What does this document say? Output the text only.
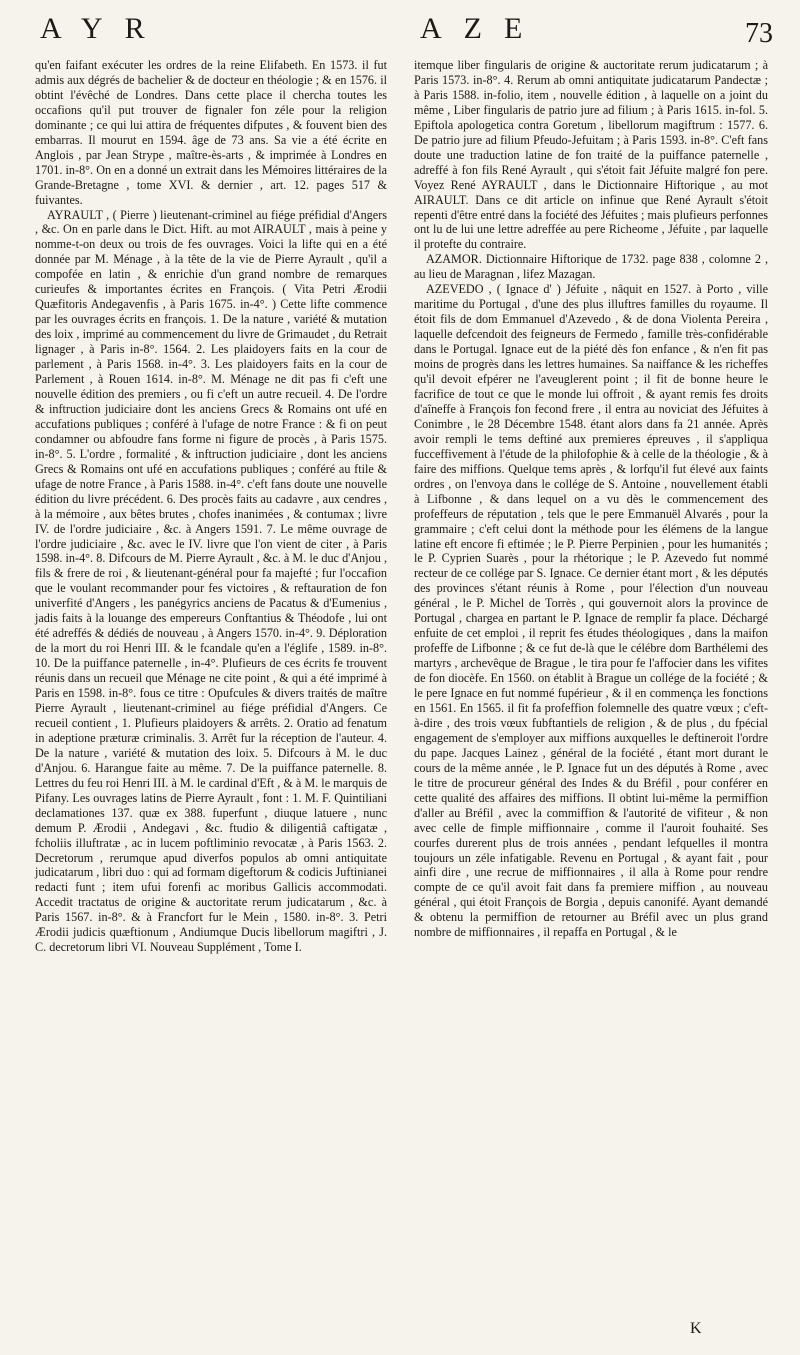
AYR	AZE	73

qu'en faifant exécuter les ordres de la reine Elifabeth. En 1573. il fut admis aux dégrés de bachelier & de docteur en théologie ; & en 1576. il obtint l'évêché de Londres. Dans cette place il chercha toutes les occafions qu'il put trouver de fignaler fon zéle pour la religion dominante ; ce qui lui attira de fréquentes difputes , & fouvent bien des embarras. Il mourut en 1594. âge de 73 ans. Sa vie a été écrite en Anglois , par Jean Strype , maître-ès-arts , & imprimée à Londres en 1701. in-8°. On en a donné un extrait dans les Mémoires littéraires de la Grande-Bretagne , tome XVI. & dernier , art. 12. pages 517 & fuivantes.

AYRAULT , ( Pierre ) lieutenant-criminel au fiége préfidial d'Angers , &c. On en parle dans le Dict. Hift. au mot AIRAULT , mais à peine y nomme-t-on deux ou trois de fes ouvrages. Voici la lifte qui en a été donnée par M. Ménage , à la tête de la vie de Pierre Ayrault , qu'il a compofée en latin , & enrichie d'un grand nombre de remarques curieufes & importantes écrites en François. ( Vita Petri Ærodii Quæfitoris Andegavenfis , à Paris 1675. in-4°. ) Cette lifte commence par les ouvrages écrits en françois. 1. De la nature , variété & mutation des loix , imprimé au commencement du livre de Grimaudet , du Retrait lignager , à Paris in-8°. 1564. 2. Les plaidoyers faits en la cour de parlement , à Paris 1568. in-4°. 3. Les plaidoyers faits en la cour de Parlement , à Rouen 1614. in-8°. M. Ménage ne dit pas fi c'eft une nouvelle édition des premiers , ou fi c'eft un autre recueil. 4. De l'ordre & inftruction judiciaire dont les anciens Grecs & Romains ont ufé en accufations publiques ; conféré à l'ufage de notre France : & fi on peut condamner ou abfoudre fans forme ni figure de procès , à Paris 1575. in-8°. 5. L'ordre , formalité , & inftruction judiciaire , dont les anciens Grecs & Romains ont ufé en accufations publiques ; conféré au ftile & ufage de notre France , à Paris 1588. in-4°. c'eft fans doute une nouvelle édition du livre précédent. 6. Des procès faits au cadavre , aux cendres , à la mémoire , aux bêtes brutes , chofes inanimées , & contumax ; livre IV. de l'ordre judiciaire , &c. à Angers 1591. 7. Le même ouvrage de l'ordre judiciaire , &c. avec le IV. livre que l'on vient de citer , à Paris 1598. in-4°. 8. Difcours de M. Pierre Ayrault , &c. à M. le duc d'Anjou , fils & frere de roi , & lieutenant-général pour fa majefté ; fur l'occafion que le voulant recommander pour fes victoires , & reftauration de fon univerfité d'Angers , les panégyrics anciens de Pacatus & d'Eumenius , jadis faits à la louange des empereurs Conftantius & Théodofe , lui ont été adreffés & dédiés de nouveau , à Angers 1570. in-4°. 9. Déploration de la mort du roi Henri III. & le fcandale qu'en a l'églife , 1589. in-8°. 10. De la puiffance paternelle , in-4°. Plufieurs de ces écrits fe trouvent réunis dans un recueil que Ménage ne cite point , & qui a été imprimé à Paris en 1598. in-8°. fous ce titre : Opufcules & divers traités de maître Pierre Ayrault , lieutenant-criminel au fiége préfidial d'Angers. Ce recueil contient , 1. Plufieurs plaidoyers & arrêts. 2. Oratio ad fenatum in adeptione præturæ criminalis. 3. Arrêt fur la réception de l'auteur. 4. De la nature , variété & mutation des loix. 5. Difcours à M. le duc d'Anjou. 6. Harangue faite au même. 7. De la puiffance paternelle. 8. Lettres du feu roi Henri III. à M. le cardinal d'Eft , & à M. le marquis de Pifany. Les ouvrages latins de Pierre Ayrault , font : 1. M. F. Quintiliani declamationes 137. quæ ex 388. fuperfunt , diuque latuere , nunc demum P. Ærodii , Andegavi , &c. ftudio & diligentiâ caftigatæ , fcholiis illuftratæ , ac in lucem poftliminio revocatæ , à Paris 1563. 2. Decretorum , rerumque apud diverfos populos ab omni antiquitate judicatarum , libri duo : qui ad formam digeftorum & codicis Juftinianei redacti funt ; item ufui forenfi ac moribus Gallicis accommodati. Accedit tractatus de origine & auctoritate rerum judicatarum , &c. à Paris 1567. in-8°. & à Francfort fur le Mein , 1580. in-8°. 3. Petri Ærodii judicis quæftionum , Andiumque Ducis libellorum magiftri , J. C. decretorum libri VI. Nouveau Supplément , Tome I.

itemque liber fingularis de origine & auctoritate rerum judicatarum ; à Paris 1573. in-8°. 4. Rerum ab omni antiquitate judicatarum Pandectæ ; à Paris 1588. in-folio, item , nouvelle édition , à laquelle on a joint du même , Liber fingularis de patrio jure ad filium ; à Paris 1615. in-fol. 5. Epiftola apologetica contra Goretum , libellorum magiftrum : 1577. 6. De patrio jure ad filium Pfeudo-Jefuitam ; à Paris 1593. in-8°. C'eft fans doute une traduction latine de fon traité de la puiffance paternelle , adreffé à fon fils René Ayrault , qui s'étoit fait Jéfuite malgré fon pere. Voyez René AYRAULT , dans le Dictionnaire Hiftorique , au mot AIRAULT. Dans ce dit article on infinue que René Ayrault s'étoit repenti d'être entré dans la fociété des Jéfuites ; mais plufieurs perfonnes ont lu de lui une lettre adreffée au pere Richeome , Jéfuite , par laquelle il protefte du contraire.

AZAMOR. Dictionnaire Hiftorique de 1732. page 838 , colomne 2 , au lieu de Maragnan , lifez Mazagan.

AZEVEDO , ( Ignace d' ) Jéfuite , nâquit en 1527. à Porto , ville maritime du Portugal , d'une des plus illuftres familles du royaume. Il étoit fils de dom Emmanuel d'Azevedo , & de dona Violenta Pereira , laquelle defcendoit des feigneurs de Fermedo , famille très-confidérable dans le Portugal. Ignace eut de la piété dès fon enfance , & n'en fit pas moins de progrès dans les lettres humaines. Sa naiffance & les richeffes qu'il devoit efpérer ne l'aveuglerent point ; il fit de bonne heure le facrifice de tout ce que le monde lui offroit , & ayant remis fes droits d'aîneffe à François fon fecond frere , il entra au noviciat des Jéfuites à Conimbre , le 28 Décembre 1548. étant alors dans fa 21 année. Après avoir rempli le tems deftiné aux premieres épreuves , il s'appliqua fucceffivement à l'étude de la philofophie & à celle de la théologie , & à faire des miffions. Quelque tems après , & lorfqu'il fut élevé aux faints ordres , on l'envoya dans le collége de S. Antoine , nouvellement établi à Lifbonne , & dans lequel on a vu dès le commencement des profeffeurs de réputation , tels que le pere Emmanuël Alvarés , pour la grammaire ; c'eft celui dont la méthode pour les élémens de la langue latine eft encore fi eftimée ; le P. Pierre Perpinien , pour les humanités ; le P. Cyprien Suarès , pour la rhétorique ; le P. Azevedo fut nommé recteur de ce collége par S. Ignace. Ce dernier étant mort , & les députés des provinces s'étant réunis à Rome , pour l'élection d'un nouveau général , le P. Michel de Torrès , qui gouvernoit alors la province de Portugal , chargea en partant le P. Ignace de remplir fa place. Déchargé enfuite de cet emploi , il reprit fes études théologiques , dans la maifon profeffe de Lifbonne ; & ce fut de-là que le célébre dom Barthélemi des martyrs , archevêque de Brague , le tira pour fe l'affocier dans les vifites de fon diocèfe. En 1560. on établit à Brague un collége de la fociété ; & le pere Ignace en fut nommé fupérieur , & il en commença les fonctions en 1561. En 1565. il fit fa profeffion folemnelle des quatre vœux ; c'eft-à-dire , des trois vœux fubftantiels de religion , & de plus , du fpécial engagement de s'employer aux miffions auxquelles le deftineroit l'ordre du pape. Jacques Lainez , général de la fociété , étant mort durant le cours de la même année , le P. Ignace fut un des députés à Rome , avec le titre de procureur général des Indes & du Bréfil , pour conférer en cette qualité des affaires des miffions. Il obtint lui-même la permiffion d'aller au Bréfil , avec la commiffion & l'autorité de vifiteur , & non avec celle de fimple miffionnaire , comme il l'auroit fouhaité. Ses courfes durerent plus de trois années , pendant lefquelles il montra toujours un zéle infatigable. Revenu en Portugal , & ayant fait , pour ainfi dire , une recrue de miffionnaires , il alla à Rome pour rendre compte de ce qu'il avoit fait dans fa premiere miffion , au nouveau général , qui étoit François de Borgia , depuis canonifé. Ayant demandé & obtenu la permiffion de retourner au Bréfil avec un plus grand nombre de miffionnaires , il repaffa en Portugal , & le

K
